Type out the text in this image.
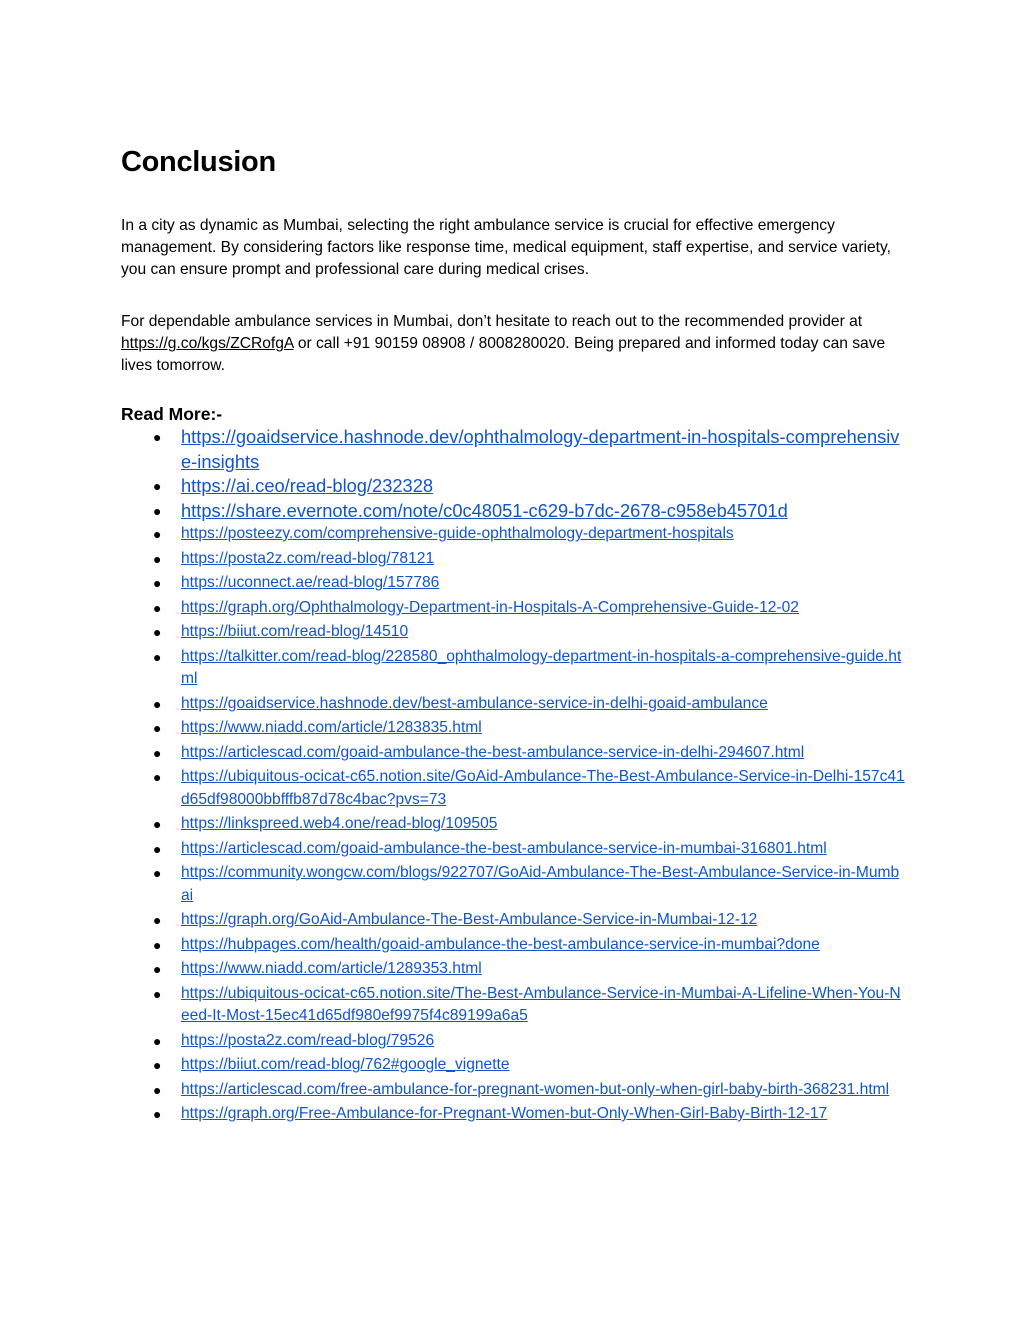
Conclusion

In a city as dynamic as Mumbai, selecting the right ambulance service is crucial for effective emergency management. By considering factors like response time, medical equipment, staff expertise, and service variety, you can ensure prompt and professional care during medical crises.

For dependable ambulance services in Mumbai, don’t hesitate to reach out to the recommended provider at https://g.co/kgs/ZCRofgA or call +91 90159 08908 / 8008280020. Being prepared and informed today can save lives tomorrow.

Read More:-
● https://goaidservice.hashnode.dev/ophthalmology-department-in-hospitals-comprehensive-insights
● https://ai.ceo/read-blog/232328
● https://share.evernote.com/note/c0c48051-c629-b7dc-2678-c958eb45701d
● https://posteezy.com/comprehensive-guide-ophthalmology-department-hospitals
● https://posta2z.com/read-blog/78121
● https://uconnect.ae/read-blog/157786
● https://graph.org/Ophthalmology-Department-in-Hospitals-A-Comprehensive-Guide-12-02
● https://biiut.com/read-blog/14510
● https://talkitter.com/read-blog/228580_ophthalmology-department-in-hospitals-a-comprehensive-guide.html
● https://goaidservice.hashnode.dev/best-ambulance-service-in-delhi-goaid-ambulance
● https://www.niadd.com/article/1283835.html
● https://articlescad.com/goaid-ambulance-the-best-ambulance-service-in-delhi-294607.html
● https://ubiquitous-ocicat-c65.notion.site/GoAid-Ambulance-The-Best-Ambulance-Service-in-Delhi-157c41d65df98000bbfffb87d78c4bac?pvs=73
● https://linkspreed.web4.one/read-blog/109505
● https://articlescad.com/goaid-ambulance-the-best-ambulance-service-in-mumbai-316801.html
● https://community.wongcw.com/blogs/922707/GoAid-Ambulance-The-Best-Ambulance-Service-in-Mumbai
● https://graph.org/GoAid-Ambulance-The-Best-Ambulance-Service-in-Mumbai-12-12
● https://hubpages.com/health/goaid-ambulance-the-best-ambulance-service-in-mumbai?done
● https://www.niadd.com/article/1289353.html
● https://ubiquitous-ocicat-c65.notion.site/The-Best-Ambulance-Service-in-Mumbai-A-Lifeline-When-You-Need-It-Most-15ec41d65df980ef9975f4c89199a6a5
● https://posta2z.com/read-blog/79526
● https://biiut.com/read-blog/762#google_vignette
● https://articlescad.com/free-ambulance-for-pregnant-women-but-only-when-girl-baby-birth-368231.html
● https://graph.org/Free-Ambulance-for-Pregnant-Women-but-Only-When-Girl-Baby-Birth-12-17
